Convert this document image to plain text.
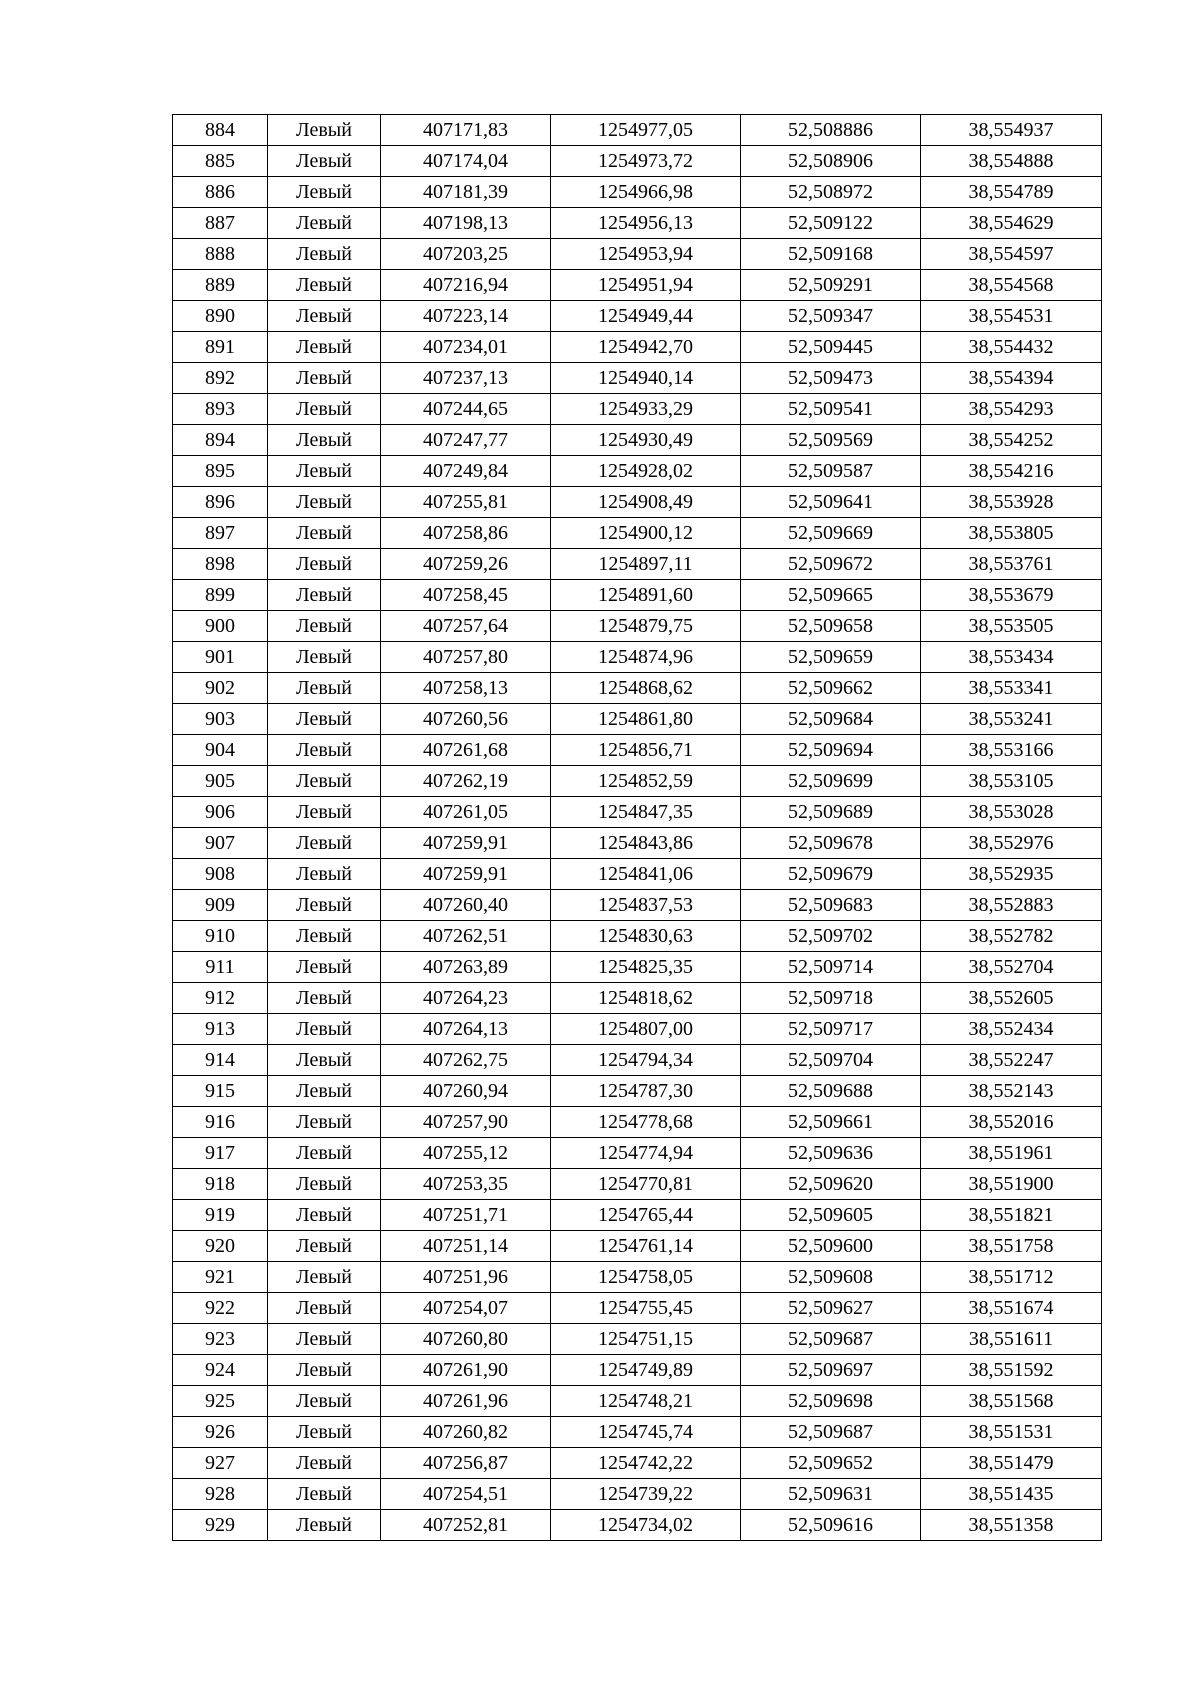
884	Левый	407171,83	1254977,05	52,508886	38,554937
885	Левый	407174,04	1254973,72	52,508906	38,554888
886	Левый	407181,39	1254966,98	52,508972	38,554789
887	Левый	407198,13	1254956,13	52,509122	38,554629
888	Левый	407203,25	1254953,94	52,509168	38,554597
889	Левый	407216,94	1254951,94	52,509291	38,554568
890	Левый	407223,14	1254949,44	52,509347	38,554531
891	Левый	407234,01	1254942,70	52,509445	38,554432
892	Левый	407237,13	1254940,14	52,509473	38,554394
893	Левый	407244,65	1254933,29	52,509541	38,554293
894	Левый	407247,77	1254930,49	52,509569	38,554252
895	Левый	407249,84	1254928,02	52,509587	38,554216
896	Левый	407255,81	1254908,49	52,509641	38,553928
897	Левый	407258,86	1254900,12	52,509669	38,553805
898	Левый	407259,26	1254897,11	52,509672	38,553761
899	Левый	407258,45	1254891,60	52,509665	38,553679
900	Левый	407257,64	1254879,75	52,509658	38,553505
901	Левый	407257,80	1254874,96	52,509659	38,553434
902	Левый	407258,13	1254868,62	52,509662	38,553341
903	Левый	407260,56	1254861,80	52,509684	38,553241
904	Левый	407261,68	1254856,71	52,509694	38,553166
905	Левый	407262,19	1254852,59	52,509699	38,553105
906	Левый	407261,05	1254847,35	52,509689	38,553028
907	Левый	407259,91	1254843,86	52,509678	38,552976
908	Левый	407259,91	1254841,06	52,509679	38,552935
909	Левый	407260,40	1254837,53	52,509683	38,552883
910	Левый	407262,51	1254830,63	52,509702	38,552782
911	Левый	407263,89	1254825,35	52,509714	38,552704
912	Левый	407264,23	1254818,62	52,509718	38,552605
913	Левый	407264,13	1254807,00	52,509717	38,552434
914	Левый	407262,75	1254794,34	52,509704	38,552247
915	Левый	407260,94	1254787,30	52,509688	38,552143
916	Левый	407257,90	1254778,68	52,509661	38,552016
917	Левый	407255,12	1254774,94	52,509636	38,551961
918	Левый	407253,35	1254770,81	52,509620	38,551900
919	Левый	407251,71	1254765,44	52,509605	38,551821
920	Левый	407251,14	1254761,14	52,509600	38,551758
921	Левый	407251,96	1254758,05	52,509608	38,551712
922	Левый	407254,07	1254755,45	52,509627	38,551674
923	Левый	407260,80	1254751,15	52,509687	38,551611
924	Левый	407261,90	1254749,89	52,509697	38,551592
925	Левый	407261,96	1254748,21	52,509698	38,551568
926	Левый	407260,82	1254745,74	52,509687	38,551531
927	Левый	407256,87	1254742,22	52,509652	38,551479
928	Левый	407254,51	1254739,22	52,509631	38,551435
929	Левый	407252,81	1254734,02	52,509616	38,551358
